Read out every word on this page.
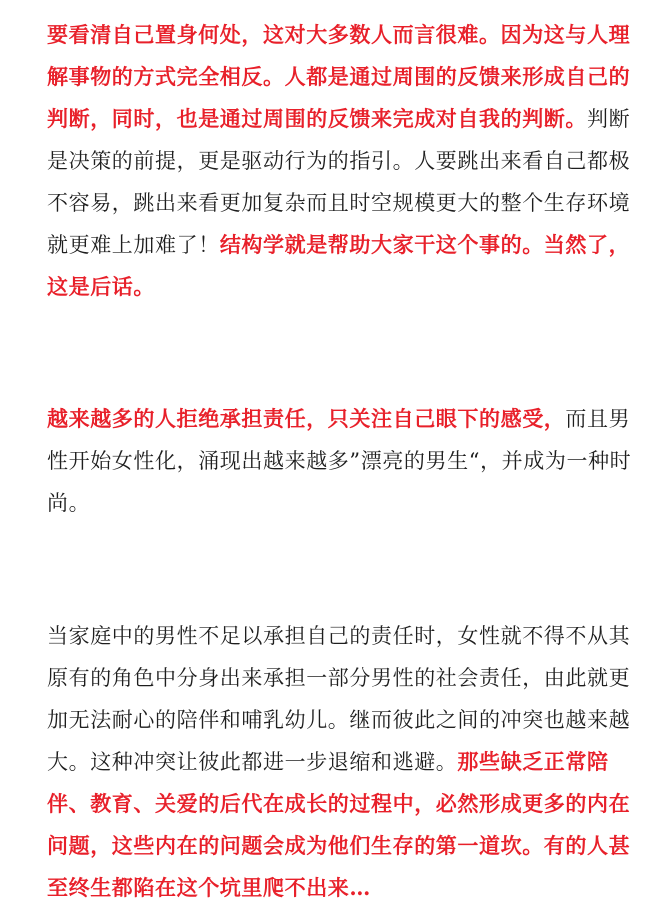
要看清自己置身何处，这对大多数人而言很难。因为这与人理解事物的方式完全相反。人都是通过周围的反馈来形成自己的判断，同时，也是通过周围的反馈来完成对自我的判断。判断是决策的前提，更是驱动行为的指引。人要跳出来看自己都极不容易，跳出来看更加复杂而且时空规模更大的整个生存环境就更难上加难了！结构学就是帮助大家干这个事的。当然了，这是后话。

越来越多的人拒绝承担责任，只关注自己眼下的感受，而且男性开始女性化，涌现出越来越多”漂亮的男生“，并成为一种时尚。

当家庭中的男性不足以承担自己的责任时，女性就不得不从其原有的角色中分身出来承担一部分男性的社会责任，由此就更加无法耐心的陪伴和哺乳幼儿。继而彼此之间的冲突也越来越大。这种冲突让彼此都进一步退缩和逃避。那些缺乏正常陪伴、教育、关爱的后代在成长的过程中，必然形成更多的内在问题，这些内在的问题会成为他们生存的第一道坎。有的人甚至终生都陷在这个坑里爬不出来…
